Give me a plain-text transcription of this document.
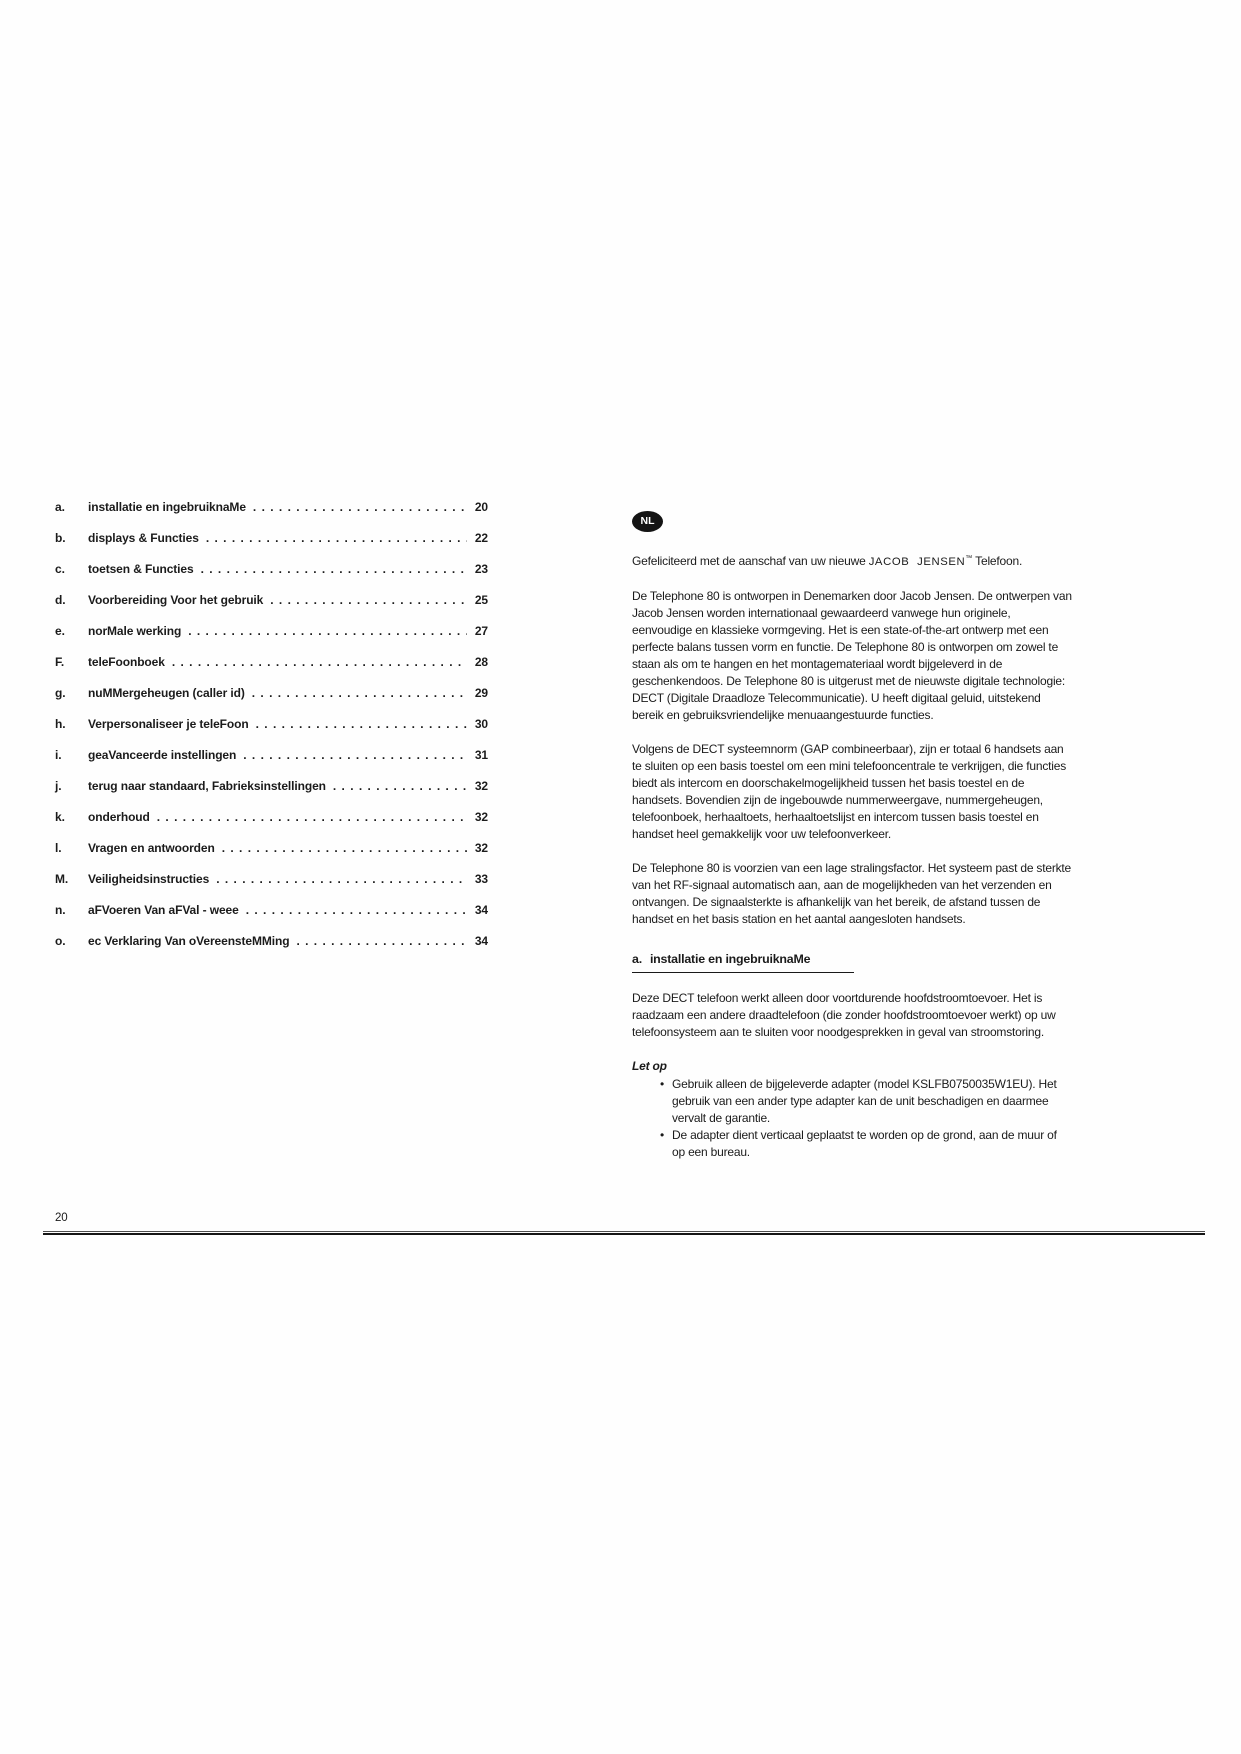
a.	installatie en ingebruiknaMe . . .	20
b.	displays & Functies . . .	22
c.	toetsen & Functies . . .	23
d.	Voorbereiding Voor het gebruik . . .	25
e.	norMale werking . . .	27
F.	teleFoonboek . . .	28
g.	nuMMergeheugen (caller id) . . .	29
h.	Verpersonaliseer je teleFoon . . .	30
i.	geaVanceerde instellingen . . .	31
j.	terug naar standaard, Fabrieksinstellingen . . .	32
k.	onderhoud . . .	32
l.	Vragen en antwoorden . . .	32
M.	Veiligheidsinstructies . . .	33
n.	aFVoeren Van aFVal - weee . . .	34
o.	ec Verklaring Van oVereensteMMing . . .	34
NL

Gefeliciteerd met de aanschaf van uw nieuwe JACOB JENSEN™ Telefoon.

De Telephone 80 is ontworpen in Denemarken door Jacob Jensen. De ontwerpen van Jacob Jensen worden internationaal gewaardeerd vanwege hun originele, eenvoudige en klassieke vormgeving. Het is een state-of-the-art ontwerp met een perfecte balans tussen vorm en functie. De Telephone 80 is ontworpen om zowel te staan als om te hangen en het montagemateriaal wordt bijgeleverd in de geschenkendoos. De Telephone 80 is uitgerust met de nieuwste digitale technologie: DECT (Digitale Draadloze Telecommunicatie). U heeft digitaal geluid, uitstekend bereik en gebruiksvriendelijke menuaangestuurde functies.

Volgens de DECT systeemnorm (GAP combineerbaar), zijn er totaal 6 handsets aan te sluiten op een basis toestel om een mini telefooncentrale te verkrijgen, die functies biedt als intercom en doorschakelmogelijkheid tussen het basis toestel en de handsets. Bovendien zijn de ingebouwde nummerweergave, nummergeheugen, telefoonboek, herhaaltoets, herhaaltoetslijst en intercom tussen basis toestel en handset heel gemakkelijk voor uw telefoonverkeer.

De Telephone 80 is voorzien van een lage stralingsfactor. Het systeem past de sterkte van het RF-signaal automatisch aan, aan de mogelijkheden van het verzenden en ontvangen. De signaalsterkte is afhankelijk van het bereik, de afstand tussen de handset en het basis station en het aantal aangesloten handsets.

a. installatie en ingebruiknaMe

Deze DECT telefoon werkt alleen door voortdurende hoofdstroomtoevoer. Het is raadzaam een andere draadtelefoon (die zonder hoofdstroomtoevoer werkt) op uw telefoonsysteem aan te sluiten voor noodgesprekken in geval van stroomstoring.

Let op
• Gebruik alleen de bijgeleverde adapter (model KSLFB0750035W1EU). Het gebruik van een ander type adapter kan de unit beschadigen en daarmee vervalt de garantie.
• De adapter dient verticaal geplaatst te worden op de grond, aan de muur of op een bureau.
20
